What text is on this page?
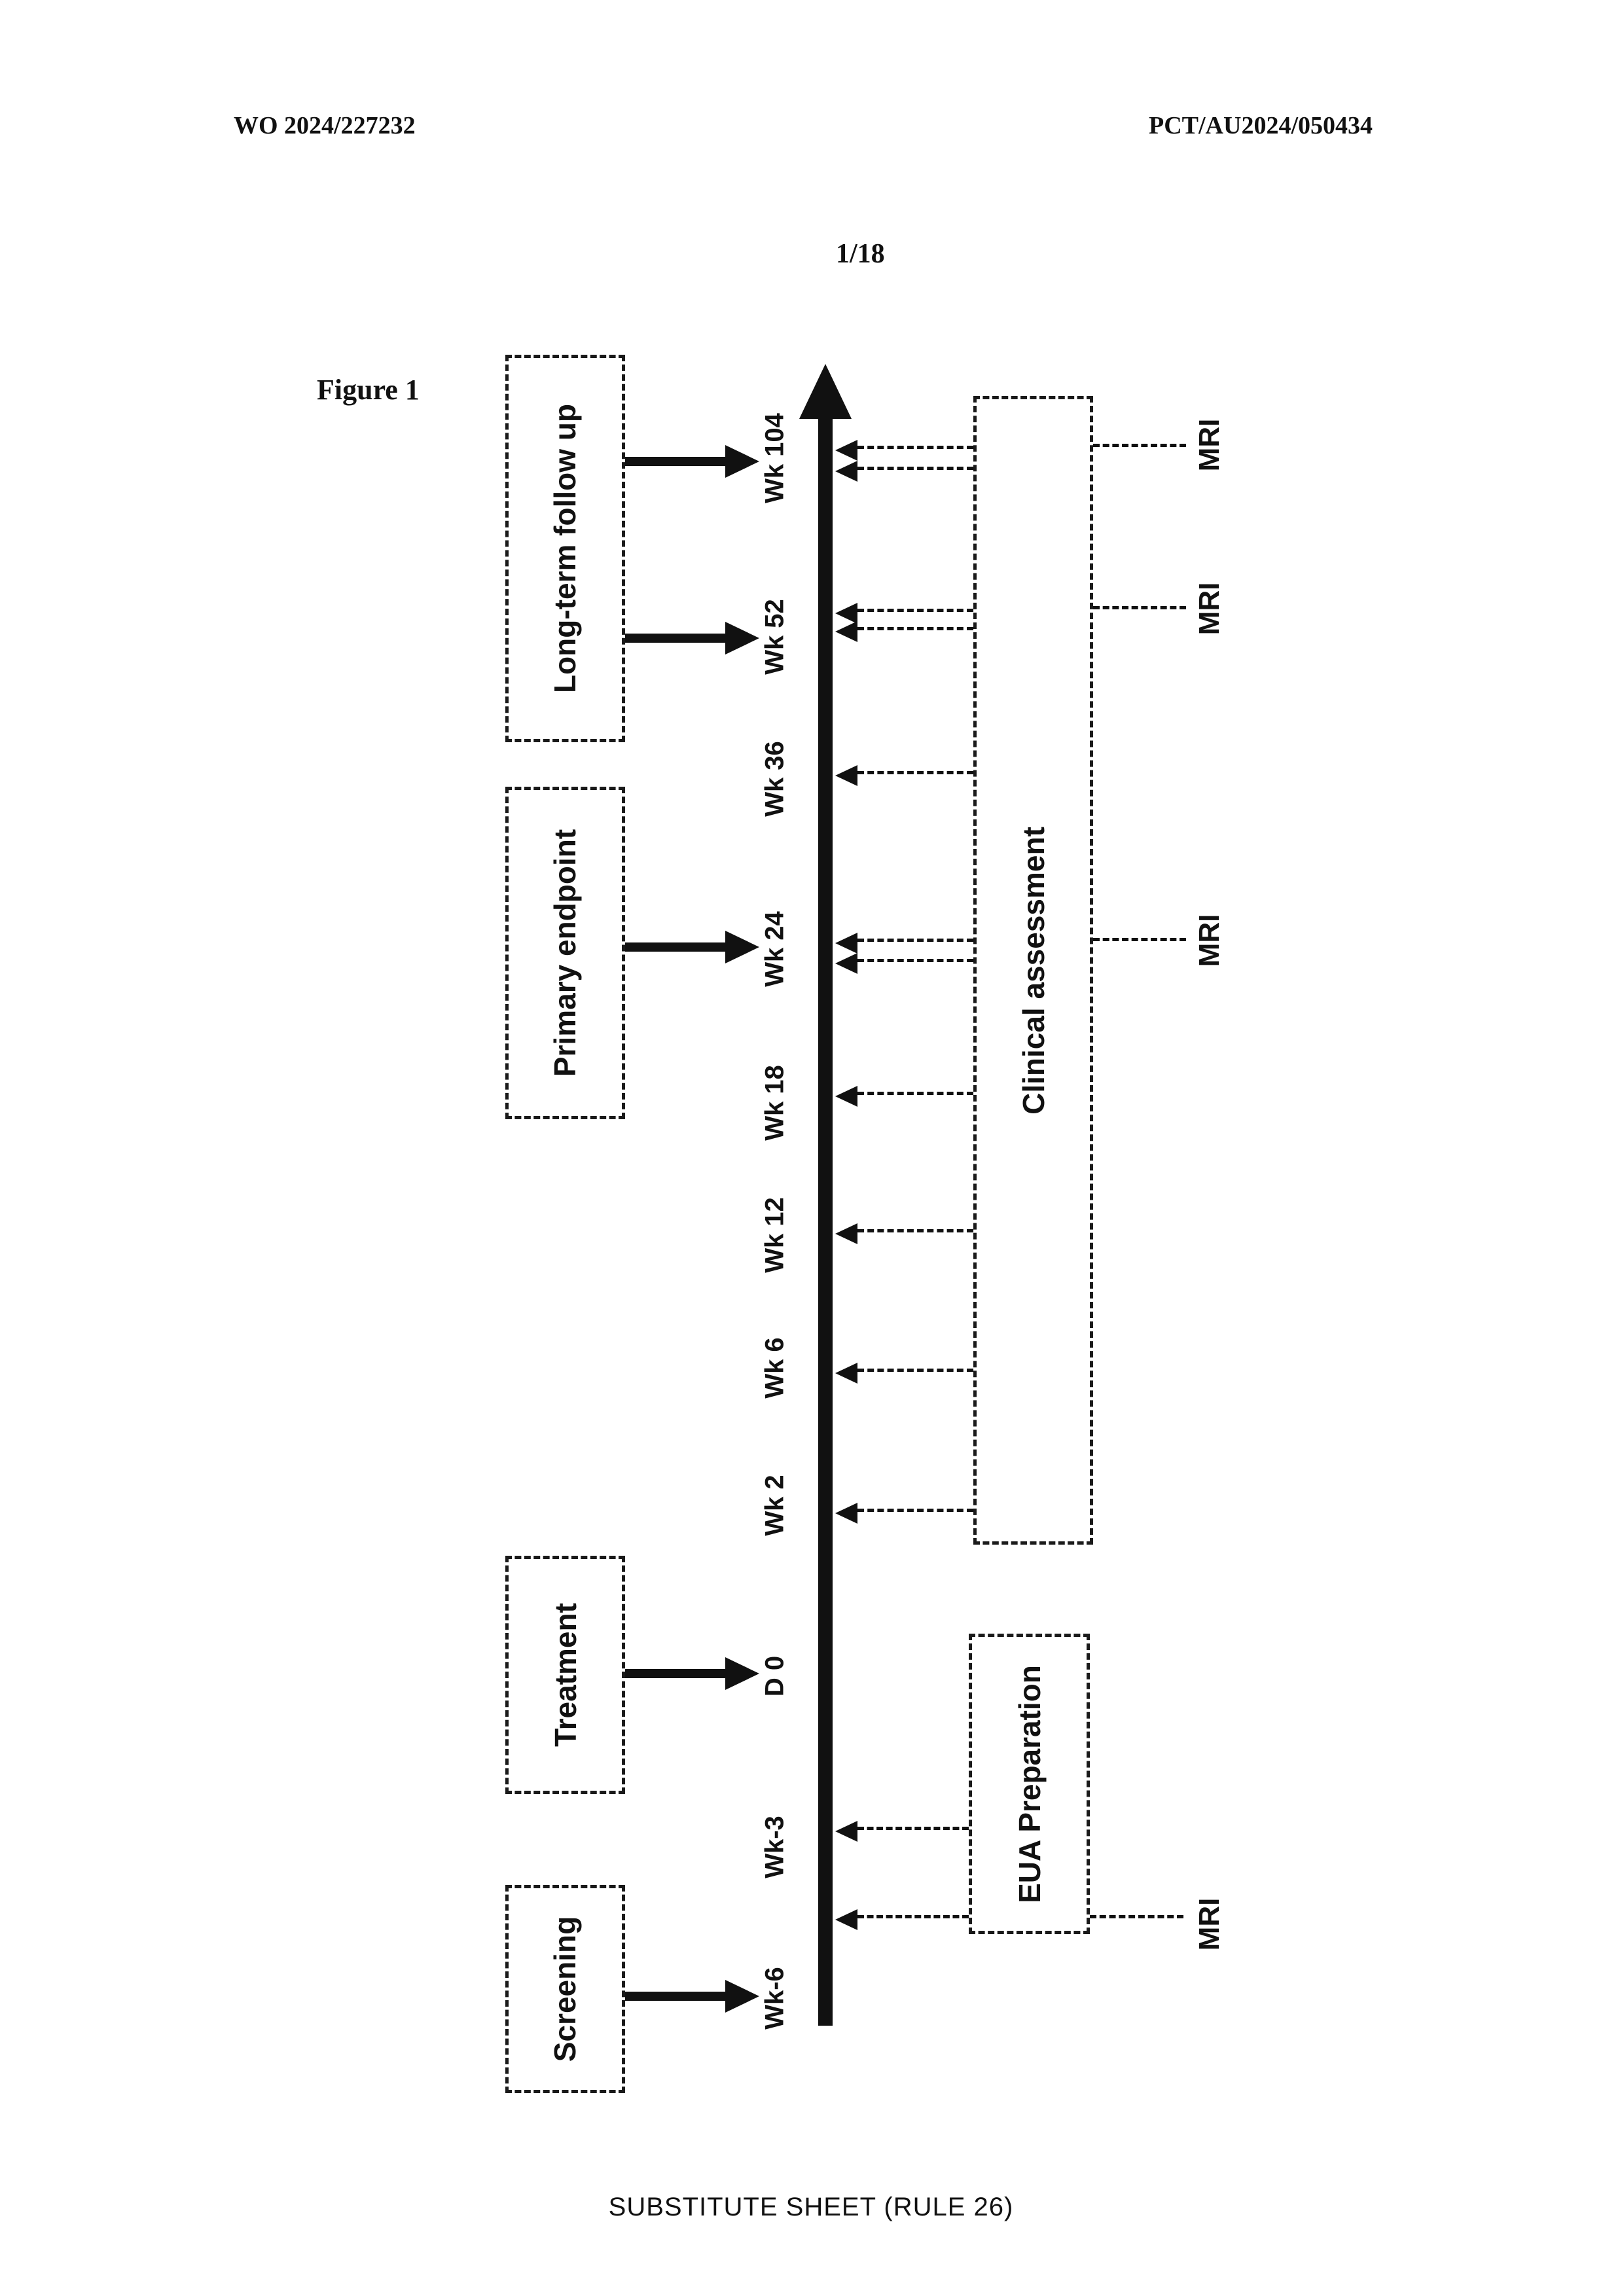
WO 2024/227232	PCT/AU2024/050434
1/18
Figure 1
Wk 104
Wk 52
Wk 36
Wk 24
Wk 18
Wk 12
Wk 6
Wk 2
D 0
Wk-3
Wk-6
Long-term follow up
Primary endpoint
Treatment
Screening
Clinical assessment
EUA Preparation
MRI
MRI
MRI
MRI
SUBSTITUTE SHEET (RULE 26)
